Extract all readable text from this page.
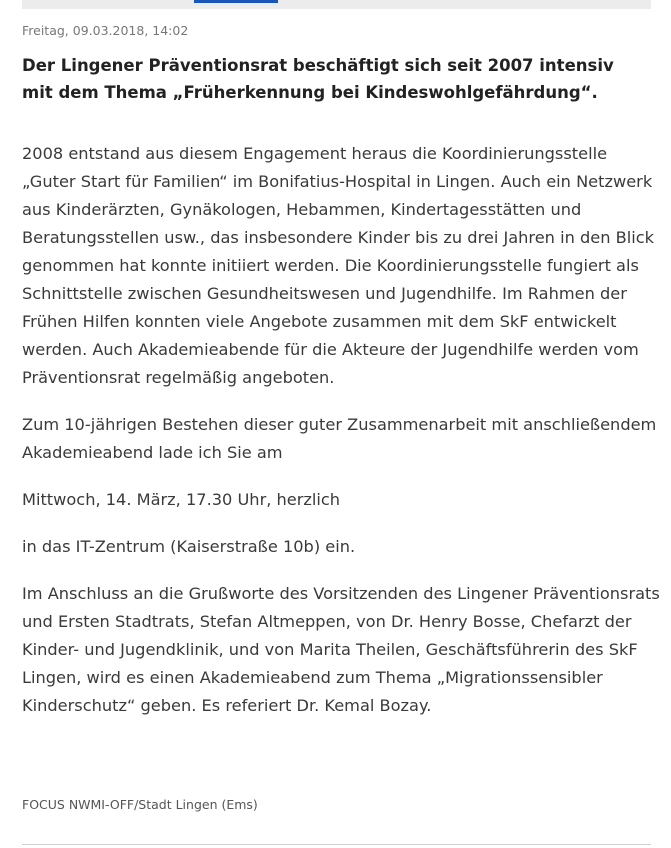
Freitag, 09.03.2018, 14:02
Der Lingener Präventionsrat beschäftigt sich seit 2007 intensiv mit dem Thema „Früherkennung bei Kindeswohlgefährdung“.

2008 entstand aus diesem Engagement heraus die Koordinierungsstelle „Guter Start für Familien“ im Bonifatius-Hospital in Lingen. Auch ein Netzwerk aus Kinderärzten, Gynäkologen, Hebammen, Kindertagesstätten und Beratungsstellen usw., das insbesondere Kinder bis zu drei Jahren in den Blick genommen hat konnte initiiert werden. Die Koordinierungsstelle fungiert als Schnittstelle zwischen Gesundheitswesen und Jugendhilfe. Im Rahmen der Frühen Hilfen konnten viele Angebote zusammen mit dem SkF entwickelt werden. Auch Akademieabende für die Akteure der Jugendhilfe werden vom Präventionsrat regelmäßig angeboten.

Zum 10-jährigen Bestehen dieser guter Zusammenarbeit mit anschließendem Akademieabend lade ich Sie am

Mittwoch, 14. März, 17.30 Uhr, herzlich

in das IT-Zentrum (Kaiserstraße 10b) ein.

Im Anschluss an die Grußworte des Vorsitzenden des Lingener Präventionsrats und Ersten Stadtrats, Stefan Altmeppen, von Dr. Henry Bosse, Chefarzt der Kinder- und Jugendklinik, und von Marita Theilen, Geschäftsführerin des SkF Lingen, wird es einen Akademieabend zum Thema „Migrationssensibler Kinderschutz“ geben. Es referiert Dr. Kemal Bozay.

FOCUS NWMI-OFF/Stadt Lingen (Ems)
